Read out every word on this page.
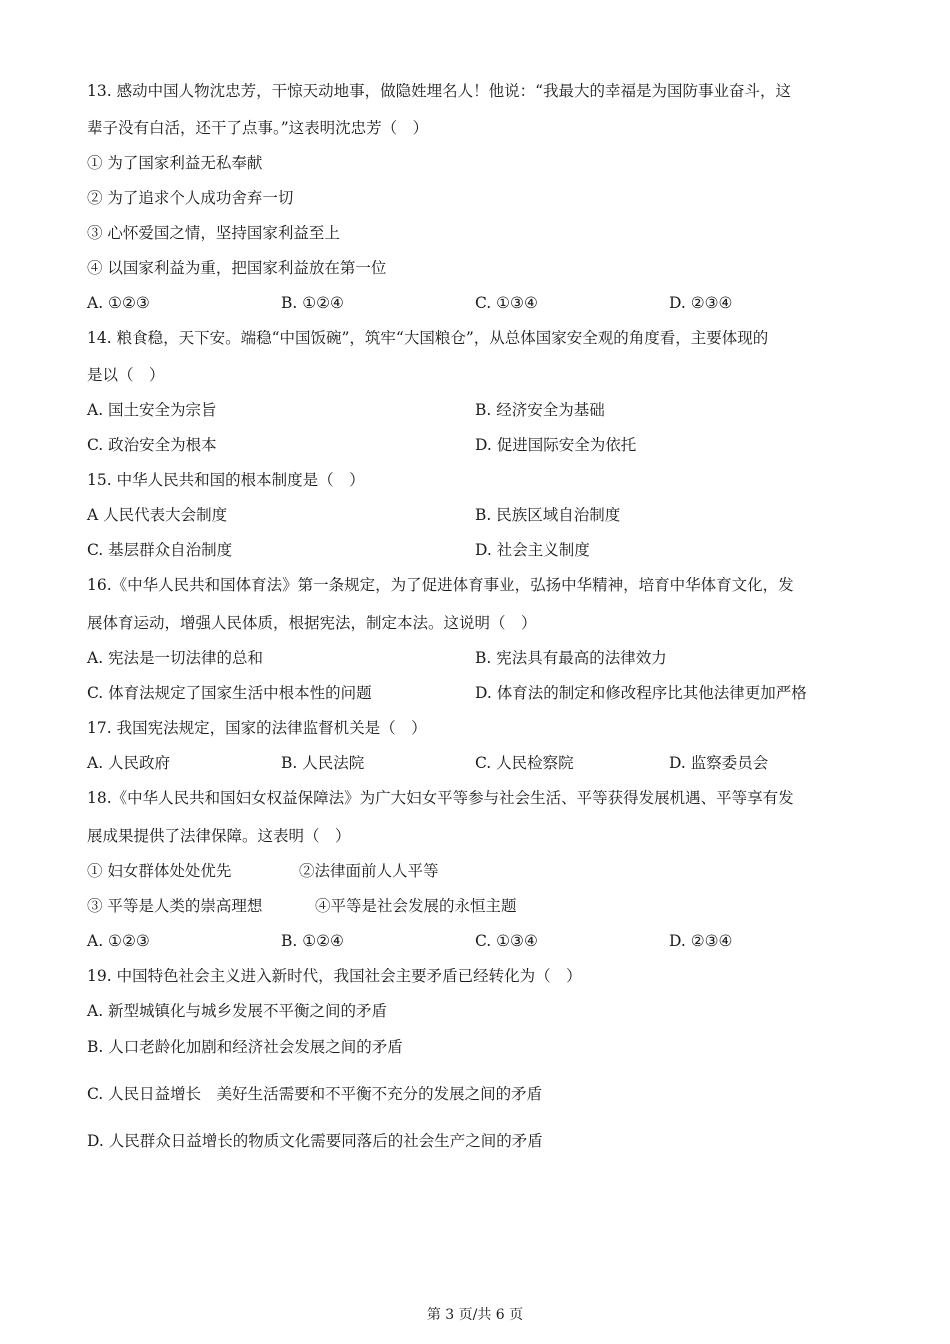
13. 感动中国人物沈忠芳，干惊天动地事，做隐姓埋名人！他说：“我最大的幸福是为国防事业奋斗，这
辈子没有白活，还干了点事。”这表明沈忠芳（　）
① 为了国家利益无私奉献
② 为了追求个人成功舍弃一切
③ 心怀爱国之情，坚持国家利益至上
④ 以国家利益为重，把国家利益放在第一位
A. ①②③	B. ①②④	C. ①③④	D. ②③④
14. 粮食稳，天下安。端稳“中国饭碗”，筑牢“大国粮仓”，从总体国家安全观的角度看，主要体现的
是以（　）
A. 国土安全为宗旨	B. 经济安全为基础
C. 政治安全为根本	D. 促进国际安全为依托
15. 中华人民共和国的根本制度是（　）
A 人民代表大会制度	B. 民族区域自治制度
C. 基层群众自治制度	D. 社会主义制度
16.《中华人民共和国体育法》第一条规定，为了促进体育事业，弘扬中华精神，培育中华体育文化，发
展体育运动，增强人民体质，根据宪法，制定本法。这说明（　）
A. 宪法是一切法律的总和	B. 宪法具有最高的法律效力
C. 体育法规定了国家生活中根本性的问题	D. 体育法的制定和修改程序比其他法律更加严格
17. 我国宪法规定，国家的法律监督机关是（　）
A. 人民政府	B. 人民法院	C. 人民检察院	D. 监察委员会
18.《中华人民共和国妇女权益保障法》为广大妇女平等参与社会生活、平等获得发展机遇、平等享有发
展成果提供了法律保障。这表明（　）
① 妇女群体处处优先	②法律面前人人平等
③ 平等是人类的崇高理想	④平等是社会发展的永恒主题
A. ①②③	B. ①②④	C. ①③④	D. ②③④
19. 中国特色社会主义进入新时代，我国社会主要矛盾已经转化为（　）
A. 新型城镇化与城乡发展不平衡之间的矛盾
B. 人口老龄化加剧和经济社会发展之间的矛盾
C. 人民日益增长　美好生活需要和不平衡不充分的发展之间的矛盾
D. 人民群众日益增长的物质文化需要同落后的社会生产之间的矛盾
第 3 页/共 6 页
